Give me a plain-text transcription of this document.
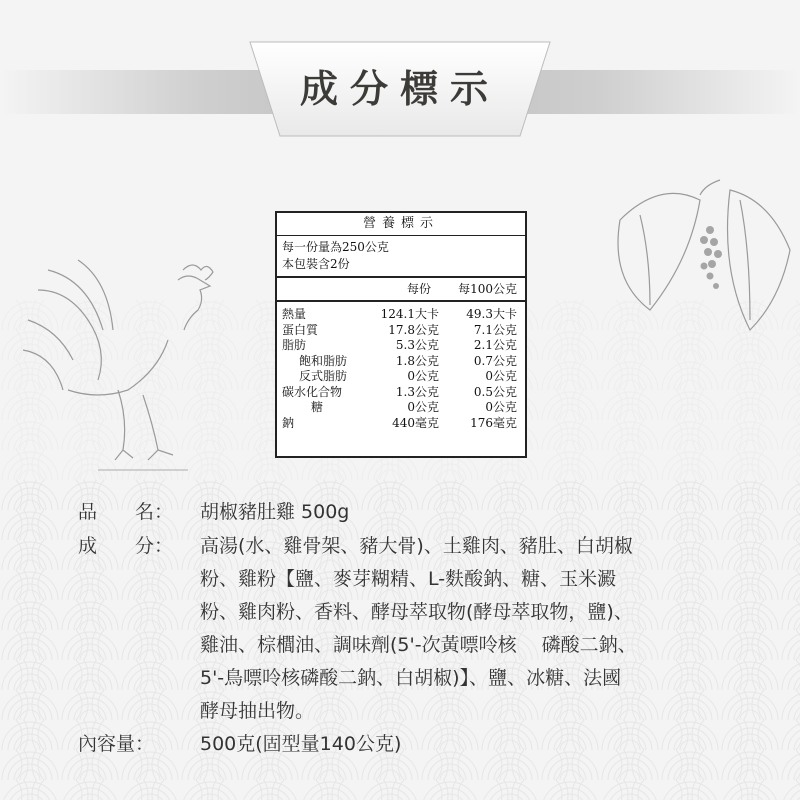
成分標示
營養標示
每一份量為250公克
本包裝含2份
每份 每100公克
熱量	124.1大卡 49.3大卡
蛋白質	17.8公克	7.1公克
脂肪	5.3公克	2.1公克
飽和脂肪	1.8公克	0.7公克
反式脂肪	0公克	0公克
碳水化合物	1.3公克	0.5公克
糖	0公克	0公克
鈉	440毫克	176毫克
品　　名： 胡椒豬肚雞 500g
成　　分： 高湯(水、雞骨架、豬大骨)、土雞肉、豬肚、白胡椒
粉、雞粉【鹽、麥芽糊精、L-麩酸鈉、糖、玉米澱
粉、雞肉粉、香料、酵母萃取物(酵母萃取物，鹽)、
雞油、棕櫚油、調味劑(5'-次黃嘌呤核　 磷酸二鈉、
5'-鳥嘌呤核磷酸二鈉、白胡椒)】、鹽、冰糖、法國
酵母抽出物。
內容量： 500克(固型量140公克)
